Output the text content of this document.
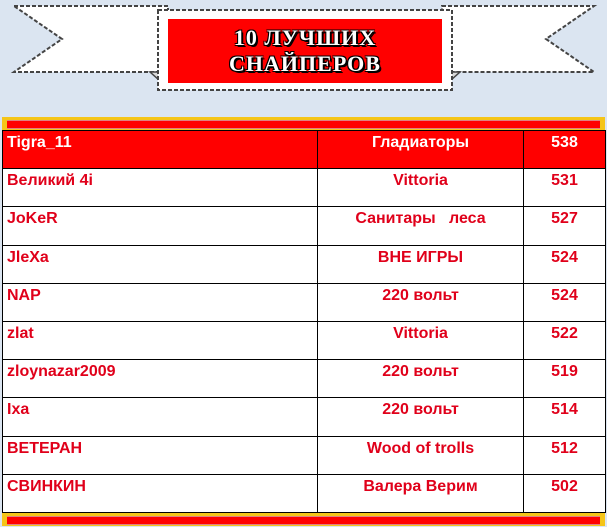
10 ЛУЧШИХ
СНАЙПЕРОВ
Tigra_11	Гладиаторы	538
Великий 4i	Vittoria	531
JoKeR	Санитары   леса	527
JleXa	ВНЕ ИГРЫ	524
NAP	220 вольт	524
zlat	Vittoria	522
zloynazar2009	220 вольт	519
Ixa	220 вольт	514
ВЕТЕРАН	Wood of trolls	512
СВИНКИН	Валера Верим	502
